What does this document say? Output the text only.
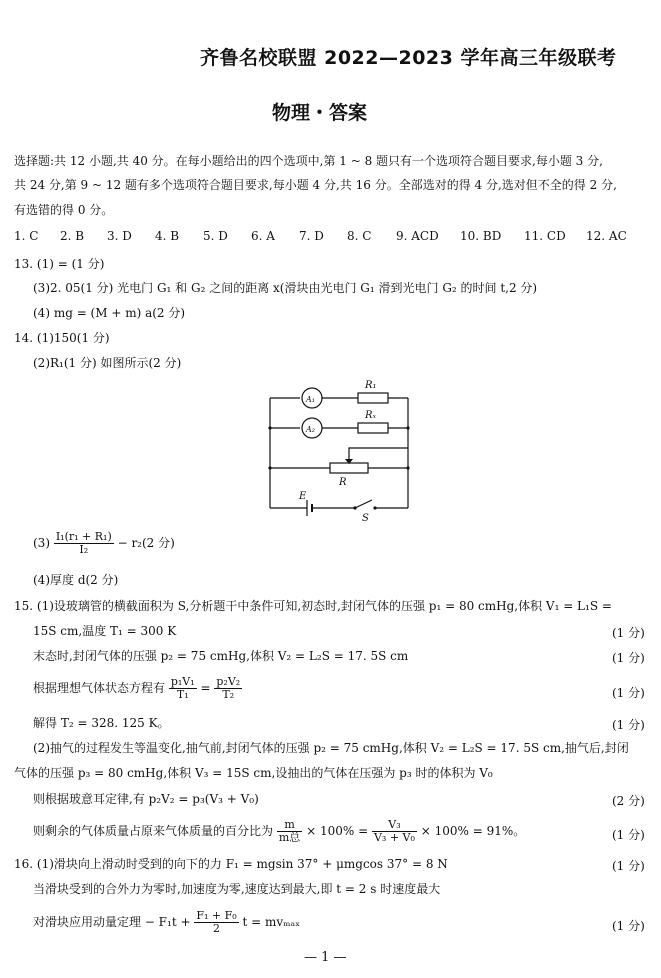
齐鲁名校联盟 2022—2023 学年高三年级联考
物理・答案
选择题:共 12 小题,共 40 分。在每小题给出的四个选项中,第 1 ~ 8 题只有一个选项符合题目要求,每小题 3 分,
共 24 分,第 9 ~ 12 题有多个选项符合题目要求,每小题 4 分,共 16 分。全部选对的得 4 分,选对但不全的得 2 分,
有选错的得 0 分。
1. C 2. B 3. D 4. B 5. D 6. A 7. D 8. C 9. ACD 10. BD 11. CD 12. AC
13. (1) = (1 分)
(3)2. 05(1 分) 光电门 G₁ 和 G₂ 之间的距离 x(滑块由光电门 G₁ 滑到光电门 G₂ 的时间 t,2 分)
(4) mg = (M + m) a(2 分)
14. (1)150(1 分)
(2)R₁(1 分) 如图所示(2 分)
A₁
A₂
R₁
Rₓ
R
E
S
$(3) \frac{\text{I₁(r₁ + R₁)}}{\text{I₂}} - r_2(2$ 分)
(4)厚度 d(2 分)
15. (1)设玻璃管的横截面积为 S,分析题干中条件可知,初态时,封闭气体的压强 p₁ = 80 cmHg,体积 V₁ = L₁S =
15S cm,温度 T₁ = 300 K	(1 分)
末态时,封闭气体的压强 p₂ = 75 cmHg,体积 V₂ = L₂S = 17. 5S cm	(1 分)
根据理想气体状态方程有 $\frac{\text{p₁V₁}}{\text{T₁}} = \frac{\text{p₂V₂}}{\text{T₂}}$	(1 分)
解得 T₂ = 328. 125 K。	(1 分)
(2)抽气的过程发生等温变化,抽气前,封闭气体的压强 p₂ = 75 cmHg,体积 V₂ = L₂S = 17. 5S cm,抽气后,封闭
气体的压强 p₃ = 80 cmHg,体积 V₃ = 15S cm,设抽出的气体在压强为 p₃ 时的体积为 V₀
则根据玻意耳定律,有 p₂V₂ = p₃(V₃ + V₀)	(2 分)
则剩余的气体质量占原来气体质量的百分比为 $\frac{m}{\text{m总}} \times 100\% = \frac{\text{V₃}}{\text{V₃ + V₀}} \times 100\% = 91\%$。	(1 分)
16. (1)滑块向上滑动时受到的向下的力 F₁ = mgsin 37° + μmgcos 37° = 8 N	(1 分)
当滑块受到的合外力为零时,加速度为零,速度达到最大,即 t = 2 s 时速度最大
对滑块应用动量定理 − $F_1t + \frac{\text{F₁ + F₀}}{2}$ t = mvₘₐₓ	(1 分)
— 1 —
